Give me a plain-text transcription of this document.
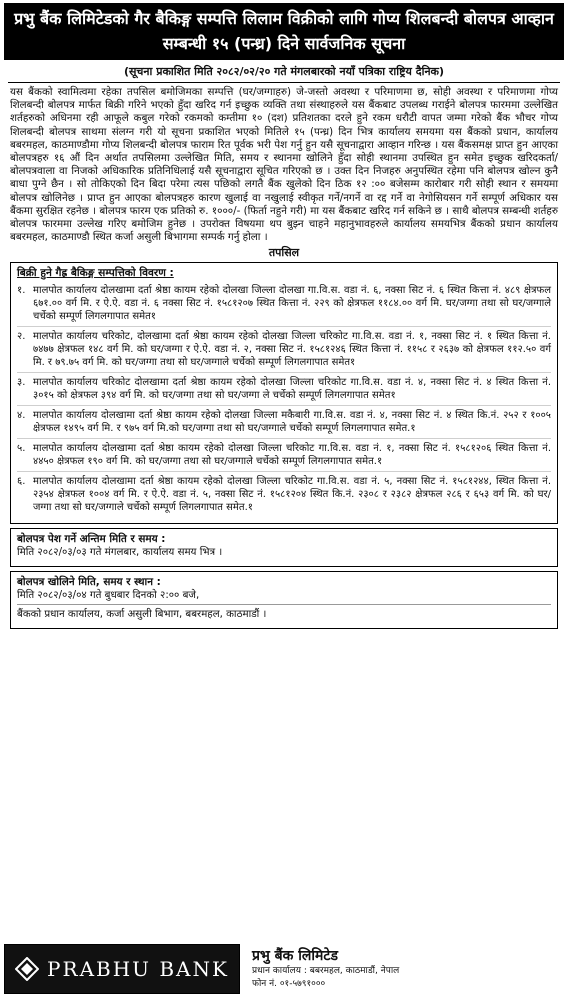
प्रभु बैंक लिमिटेडको गैर बैकिङ्ग सम्पत्ति लिलाम विक्रीको लागि गोप्य शिलबन्दी बोलपत्र आव्हान सम्बन्धी १५ (पन्ध्र) दिने सार्वजनिक सूचना
(सूचना प्रकाशित मिति २०८२/०२/२० गते मंगलबारको नयाँ पत्रिका राष्ट्रिय दैनिक)
यस बैंकको स्वामित्वमा रहेका तपसिल बमोजिमका सम्पत्ति (घर/जग्गाहरु) जे-जस्तो अवस्था र परिमाणमा छ, सोही अवस्था र परिमाणमा गोप्य शिलबन्दी बोलपत्र मार्फत बिक्री गरिने भएको हुँदा खरिद गर्न इच्छुक व्यक्ति तथा संस्थाहरुले यस बैंकबाट उपलब्ध गराईने बोलपत्र फारममा उल्लेखित शर्तहरुको अधिनमा रही आफूले कबुल गरेको रकमको कम्तीमा १० (दश) प्रतिशतका दरले हुने रकम धरौटी वापत जम्मा गरेको बैंक भौचर गोप्य शिलबन्दी बोलपत्र साथमा संलग्न गरी यो सूचना प्रकाशित भएको मितिले १५ (पन्ध्र) दिन भित्र कार्यालय समयमा यस बैंकको प्रधान, कार्यालय बबरमहल, काठमाण्डौमा गोप्य शिलबन्दी बोलपत्र फाराम रित पूर्वक भरी पेश गर्नु हुन यसै सूचनाद्वारा आव्हान गरिन्छ । यस बैंकसमक्ष प्राप्त हुन आएका बोलपत्रहरु १६ औं दिन अर्थात तपसिलमा उल्लेखित मिति, समय र स्थानमा खोलिने हुँदा सोही स्थानमा उपस्थित हुन समेत इच्छुक खरिदकर्ता/बोलपत्रवाला वा निजको अधिकारिक प्रतिनिधिलाई यसै सूचनाद्वारा सूचित गरिएको छ । उक्त दिन निजहरु अनुपस्थित रहेमा पनि बोलपत्र खोल्न कुनै बाधा पुग्ने छैन । सो तोकिएको दिन बिदा परेमा त्यस पछिको लगतै बैंक खुलेको दिन ठिक १२ :०० बजेसम्म कारोबार गरी सोही स्थान र समयमा बोलपत्र खोलिनेछ । प्राप्त हुन आएका बोलपत्रहरु कारण खुलाई वा नखुलाई स्वीकृत गर्ने/नगर्ने वा रद्द गर्ने वा नेगोसियसन गर्ने सम्पूर्ण अधिकार यस बैंकमा सुरक्षित रहनेछ । बोलपत्र फारम एक प्रतिको रु. १०००/- (फिर्ता नहुने गरी) मा यस बैंकबाट खरिद गर्न सकिने छ । साथै बोलपत्र सम्बन्धी शर्तहरु बोलपत्र फारममा उल्लेख गरिए बमोजिम हुनेछ । उपरोक्त विषयमा थप बुझ्न चाहने महानुभावहरुले कार्यालय समयभित्र बैंकको प्रधान कार्यालय बबरमहल, काठमाण्डौ स्थित कर्जा असुली बिभागमा सम्पर्क गर्नु होला ।
तपसिल
बिक्री हुने गैह्र बैकिङ्ग सम्पत्तिको विवरण :
१. मालपोत कार्यालय दोलखामा दर्ता श्रेष्ठा कायम रहेको दोलखा जिल्ला दोलखा गा.वि.स. वडा नं. ६, नक्सा सिट नं. ६ स्थित कित्ता नं. ४८९ क्षेत्रफल ६७१.०० वर्ग मि. र ऐ.ऐ. वडा नं. ६ नक्सा सिट नं. १५८१२०७ स्थित कित्ता नं. २२९ को क्षेत्रफल ११८४.०० वर्ग मि. घर/जग्गा तथा सो घर/जग्गाले चर्चेको सम्पूर्ण लिगलगापात समेत१
२. मालपोत कार्यालय चरिकोट, दोलखामा दर्ता श्रेष्ठा कायम रहेको दोलखा जिल्ला चरिकोट गा.वि.स. वडा नं. १, नक्सा सिट नं. १ स्थित कित्ता नं. ७४७७ क्षेत्रफल १४८ वर्ग मि. को घर/जग्गा र ऐ.ऐ. वडा नं. २, नक्सा सिट नं. १५८१२४६ स्थित कित्ता नं. ११५८ र २६३७ को क्षेत्रफल ११२.५० वर्ग मि. र ७९.७५ वर्ग मि. को घर/जग्गा तथा सो घर/जग्गाले चर्चेको सम्पूर्ण लिगलगापात समेत१
३. मालपोत कार्यालय चरिकोट दोलखामा दर्ता श्रेष्ठा कायम रहेको दोलखा जिल्ला चरिकोट गा.वि.स. वडा नं. ४, नक्सा सिट नं. ४ स्थित कित्ता नं. ३०१५ को क्षेत्रफल ३९४ वर्ग मि. को घर/जग्गा तथा सो घर/जग्गा ले चर्चेको सम्पूर्ण लिगलगापात समेत१
४. मालपोत कार्यालय दोलखामा दर्ता श्रेष्ठा कायम रहेको दोलखा जिल्ला मकैबारी गा.वि.स. वडा नं. ४, नक्सा सिट नं. ४ स्थित कि.नं. २५२ र १००५ क्षेत्रफल १४९५ वर्ग मि. र ९७५ वर्ग मि.को घर/जग्गा तथा सो घर/जग्गाले चर्चेको सम्पूर्ण लिगलगापात समेत.१
५. मालपोत कार्यालय दोलखामा दर्ता श्रेष्ठा कायम रहेको दोलखा जिल्ला चरिकोट गा.वि.स. वडा नं. १, नक्सा सिट नं. १५८१२०६ स्थित कित्ता नं. ४४५० क्षेत्रफल १९० वर्ग मि. को घर/जग्गा तथा सो घर/जग्गाले चर्चेको सम्पूर्ण लिगलगापात समेत.१
६. मालपोत कार्यालय दोलखामा दर्ता श्रेष्ठा कायम रहेको दोलखा जिल्ला चरिकोट गा.वि.स. वडा नं. ५, नक्सा सिट नं. १५८१२४४, स्थित कित्ता नं. २३५४ क्षेत्रफल १००४ वर्ग मि. र ऐ.ऐ. वडा नं. ५, नक्सा सिट नं. १५८१२०४ स्थित कि.नं. २३०८ र २३८२ क्षेत्रफल २८६ र ६५३ वर्ग मि. को घर/जग्गा तथा सो घर/जग्गाले चर्चेको सम्पूर्ण लिगलगापात समेत.१
बोलपत्र पेश गर्ने अन्तिम मिति र समय :
मिति २०८२/०३/०३ गते मंगलबार, कार्यालय समय भित्र ।
बोलपत्र खोलिने मिति, समय र स्थान :
मिति २०८२/०३/०४ गते बुधबार दिनको २:०० बजे,
बैंकको प्रधान कार्यालय, कर्जा असुली बिभाग, बबरमहल, काठमाडौं ।
PRABHU BANK
प्रभु बैंक लिमिटेड
प्रधान कार्यालय : बबरमहल, काठमाडौं, नेपाल
फोन नं. ०१-५७९१०००
